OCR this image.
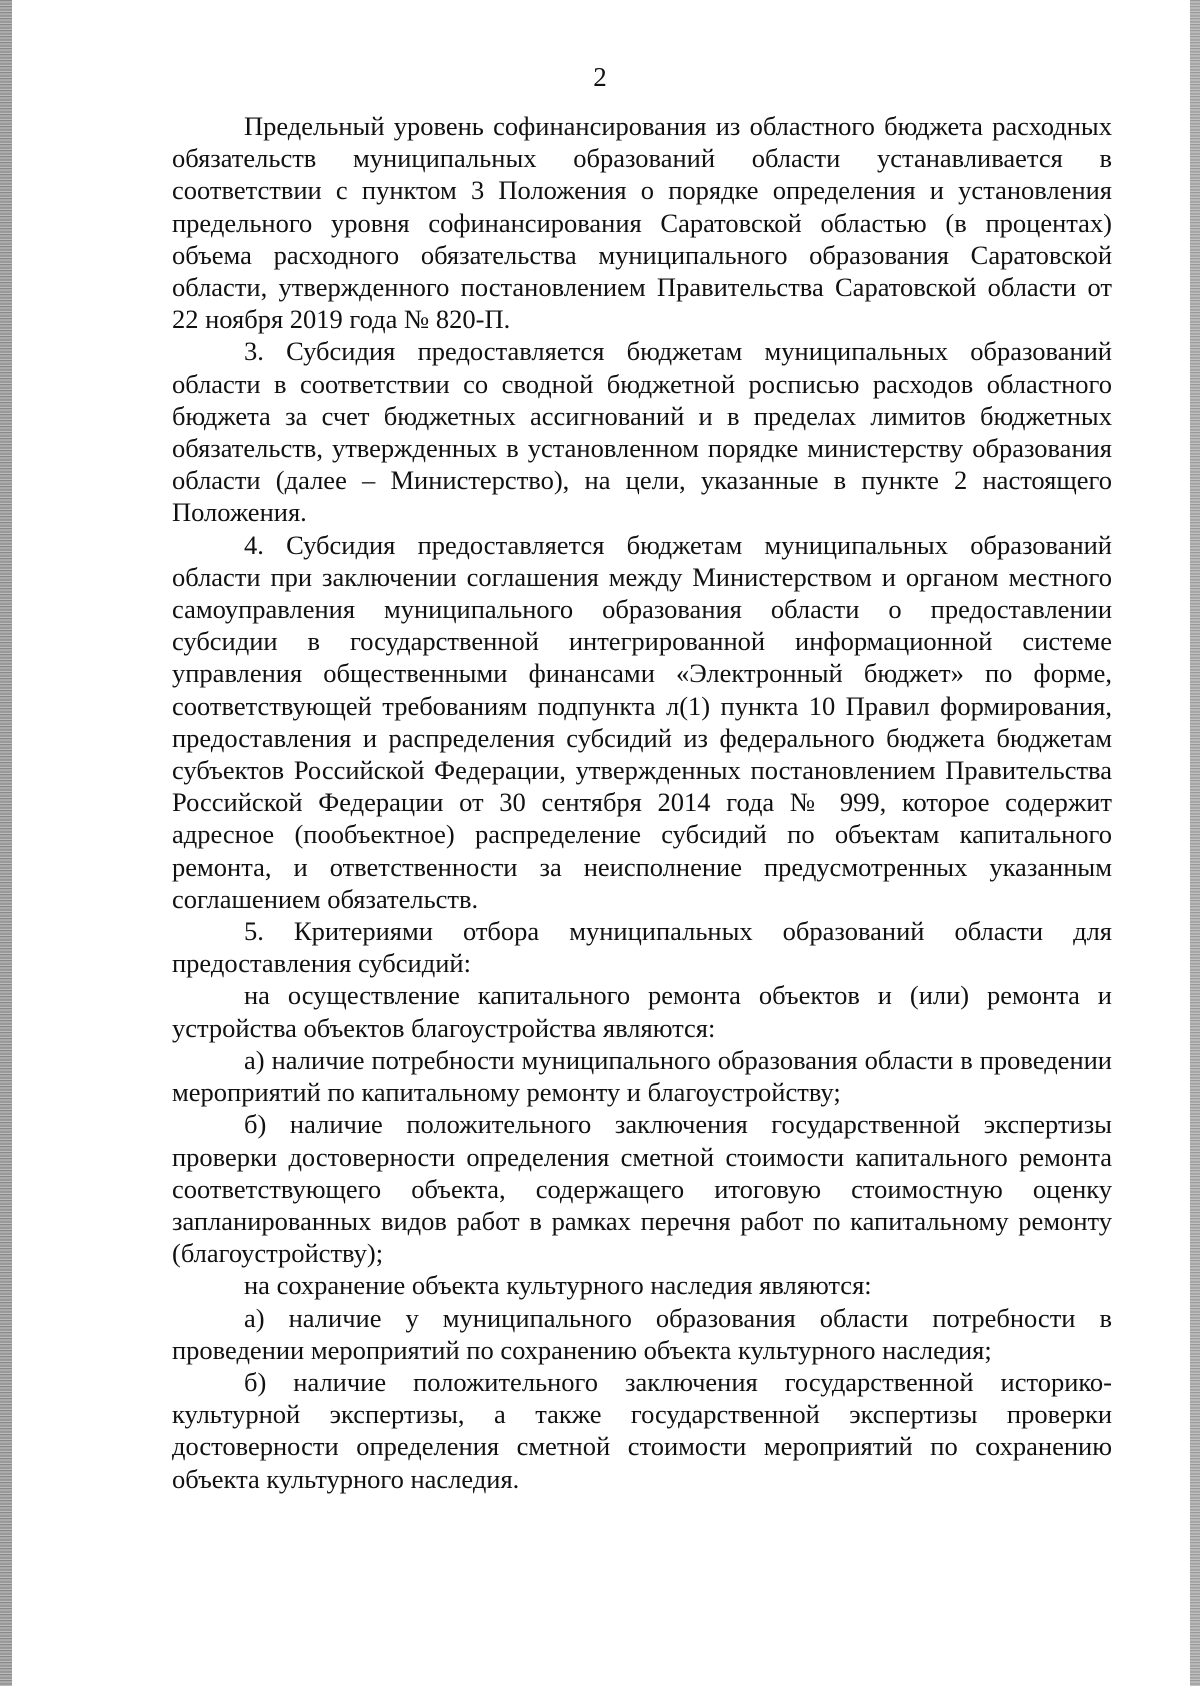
2

Предельный уровень софинансирования из областного бюджета расходных обязательств муниципальных образований области устанавливается в соответствии с пунктом 3 Положения о порядке определения и установления предельного уровня софинансирования Саратовской областью (в процентах) объема расходного обязательства муниципального образования Саратовской области, утвержденного постановлением Правительства Саратовской области от 22 ноября 2019 года № 820-П.

3. Субсидия предоставляется бюджетам муниципальных образований области в соответствии со сводной бюджетной росписью расходов областного бюджета за счет бюджетных ассигнований и в пределах лимитов бюджетных обязательств, утвержденных в установленном порядке министерству образования области (далее – Министерство), на цели, указанные в пункте 2 настоящего Положения.

4. Субсидия предоставляется бюджетам муниципальных образований области при заключении соглашения между Министерством и органом местного самоуправления муниципального образования области о предоставлении субсидии в государственной интегрированной информационной системе управления общественными финансами «Электронный бюджет» по форме, соответствующей требованиям подпункта л(1) пункта 10 Правил формирования, предоставления и распределения субсидий из федерального бюджета бюджетам субъектов Российской Федерации, утвержденных постановлением Правительства Российской Федерации от 30 сентября 2014 года № 999, которое содержит адресное (пообъектное) распределение субсидий по объектам капитального ремонта, и ответственности за неисполнение предусмотренных указанным соглашением обязательств.

5. Критериями отбора муниципальных образований области для предоставления субсидий:

на осуществление капитального ремонта объектов и (или) ремонта и устройства объектов благоустройства являются:

а) наличие потребности муниципального образования области в проведении мероприятий по капитальному ремонту и благоустройству;

б) наличие положительного заключения государственной экспертизы проверки достоверности определения сметной стоимости капитального ремонта соответствующего объекта, содержащего итоговую стоимостную оценку запланированных видов работ в рамках перечня работ по капитальному ремонту (благоустройству);

на сохранение объекта культурного наследия являются:

а) наличие у муниципального образования области потребности в проведении мероприятий по сохранению объекта культурного наследия;

б) наличие положительного заключения государственной историко-культурной экспертизы, а также государственной экспертизы проверки достоверности определения сметной стоимости мероприятий по сохранению объекта культурного наследия.
